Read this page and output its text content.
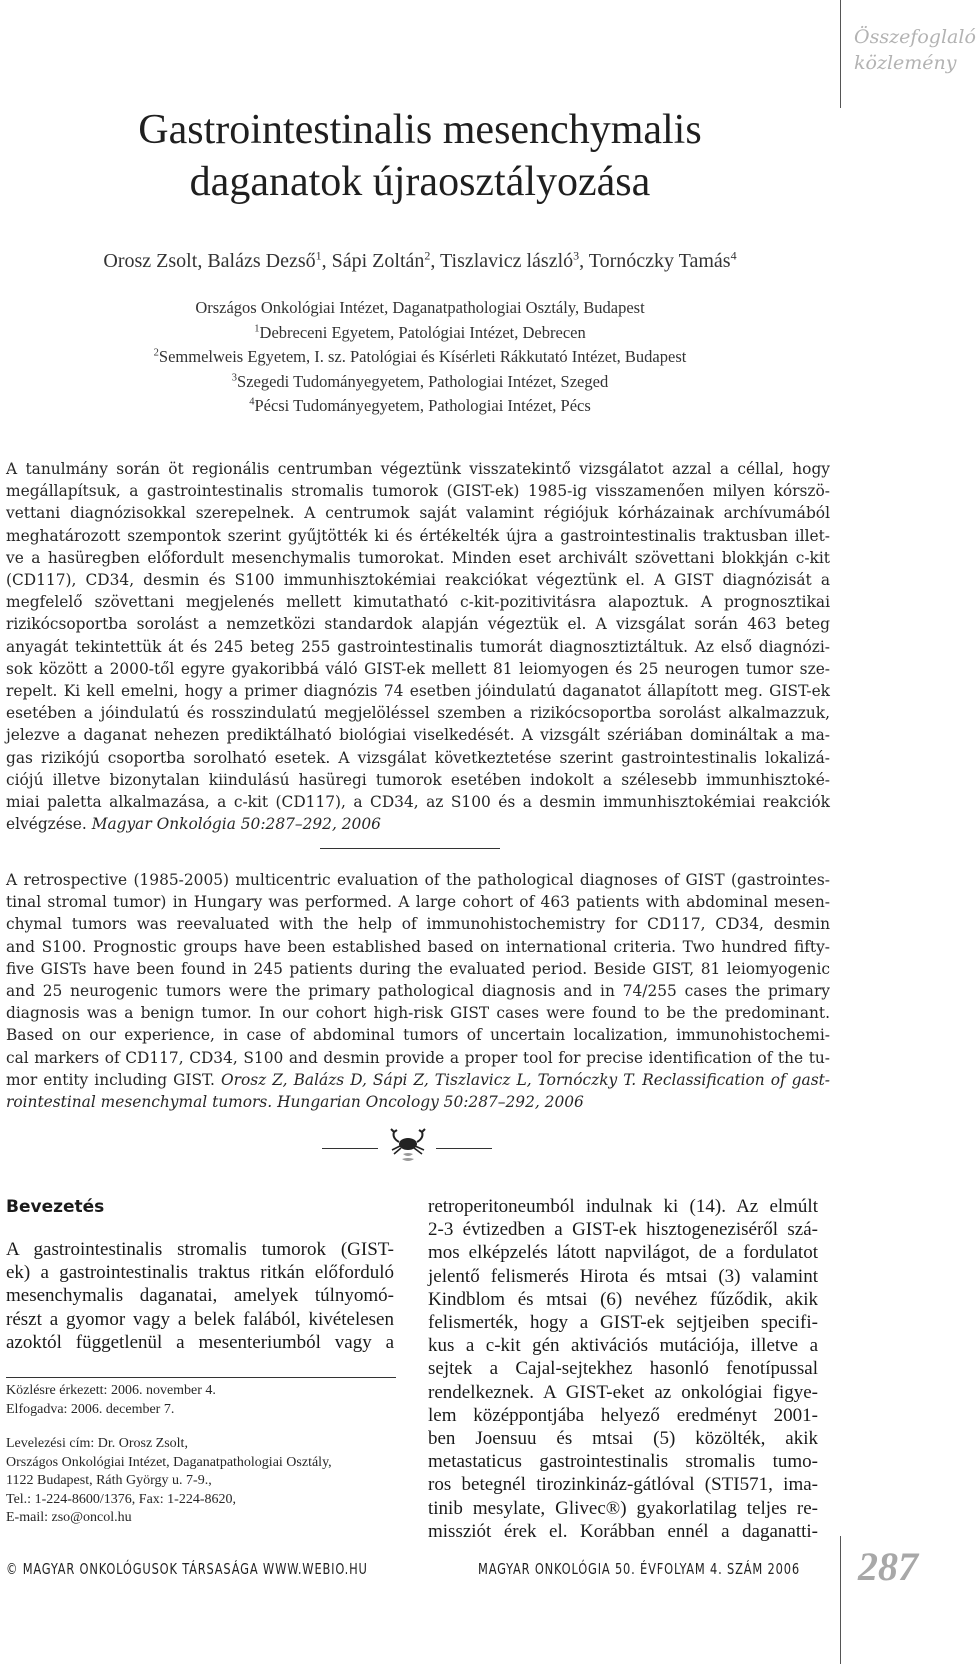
Összefoglaló
közlemény
Gastrointestinalis mesenchymalis
daganatok újraosztályozása
Orosz Zsolt, Balázs Dezső$^1$, Sápi Zoltán$^2$, Tiszlavicz lászló$^3$, Tornóczky Tamás$^4$
Országos Onkológiai Intézet, Daganatpathologiai Osztály, Budapest
$^1$Debreceni Egyetem, Patológiai Intézet, Debrecen
$^2$Semmelweis Egyetem, I. sz. Patológiai és Kísérleti Rákkutató Intézet, Budapest
$^3$Szegedi Tudományegyetem, Pathologiai Intézet, Szeged
$^4$Pécsi Tudományegyetem, Pathologiai Intézet, Pécs
A tanulmány során öt regionális centrumban végeztünk visszatekintő vizsgálatot azzal a céllal, hogy
megállapítsuk, a gastrointestinalis stromalis tumorok (GIST-ek) 1985-ig visszamenően milyen kórszö-
vettani diagnózisokkal szerepelnek. A centrumok saját valamint régiójuk kórházainak archívumából
meghatározott szempontok szerint gyűjtötték ki és értékelték újra a gastrointestinalis traktusban illet-
ve a hasüregben előfordult mesenchymalis tumorokat. Minden eset archivált szövettani blokkján c-kit
(CD117), CD34, desmin és S100 immunhisztokémiai reakciókat végeztünk el. A GIST diagnózisát a
megfelelő szövettani megjelenés mellett kimutatható c-kit-pozitivitásra alapoztuk. A prognosztikai
rizikócsoportba sorolást a nemzetközi standardok alapján végeztük el. A vizsgálat során 463 beteg
anyagát tekintettük át és 245 beteg 255 gastrointestinalis tumorát diagnosztiztáltuk. Az első diagnózi-
sok között a 2000-től egyre gyakoribbá váló GIST-ek mellett 81 leiomyogen és 25 neurogen tumor sze-
repelt. Ki kell emelni, hogy a primer diagnózis 74 esetben jóindulatú daganatot állapított meg. GIST-ek
esetében a jóindulatú és rosszindulatú megjelöléssel szemben a rizikócsoportba sorolást alkalmazzuk,
jelezve a daganat nehezen prediktálható biológiai viselkedését. A vizsgált szériában domináltak a ma-
gas rizikójú csoportba sorolható esetek. A vizsgálat következtetése szerint gastrointestinalis lokalizá-
ciójú illetve bizonytalan kiindulású hasüregi tumorok esetében indokolt a szélesebb immunhisztoké-
miai paletta alkalmazása, a c-kit (CD117), a CD34, az S100 és a desmin immunhisztokémiai reakciók
elvégzése. Magyar Onkológia 50:287–292, 2006
A retrospective (1985-2005) multicentric evaluation of the pathological diagnoses of GIST (gastrointes-
tinal stromal tumor) in Hungary was performed. A large cohort of 463 patients with abdominal mesen-
chymal tumors was reevaluated with the help of immunohistochemistry for CD117, CD34, desmin
and S100. Prognostic groups have been established based on international criteria. Two hundred fifty-
five GISTs have been found in 245 patients during the evaluated period. Beside GIST, 81 leiomyogenic
and 25 neurogenic tumors were the primary pathological diagnosis and in 74/255 cases the primary
diagnosis was a benign tumor. In our cohort high-risk GIST cases were found to be the predominant.
Based on our experience, in case of abdominal tumors of uncertain localization, immunohistochemi-
cal markers of CD117, CD34, S100 and desmin provide a proper tool for precise identification of the tu-
mor entity including GIST. Orosz Z, Balázs D, Sápi Z, Tiszlavicz L, Tornóczky T. Reclassification of gast-
rointestinal mesenchymal tumors. Hungarian Oncology 50:287–292, 2006
Bevezetés
A gastrointestinalis stromalis tumorok (GIST-
ek) a gastrointestinalis traktus ritkán előforduló
mesenchymalis daganatai, amelyek túlnyomó-
részt a gyomor vagy a belek falából, kivételesen
azoktól függetlenül a mesenteriumból vagy a
Közlésre érkezett: 2006. november 4.
Elfogadva: 2006. december 7.
Levelezési cím: Dr. Orosz Zsolt,
Országos Onkológiai Intézet, Daganatpathologiai Osztály,
1122 Budapest, Ráth György u. 7-9.,
Tel.: 1-224-8600/1376, Fax: 1-224-8620,
E-mail: zso@oncol.hu
retroperitoneumból indulnak ki (14). Az elmúlt
2-3 évtizedben a GIST-ek hisztogeneziséről szá-
mos elképzelés látott napvilágot, de a fordulatot
jelentő felismerés Hirota és mtsai (3) valamint
Kindblom és mtsai (6) nevéhez fűződik, akik
felismerték, hogy a GIST-ek sejtjeiben specifi-
kus a c-kit gén aktivációs mutációja, illetve a
sejtek a Cajal-sejtekhez hasonló fenotípussal
rendelkeznek. A GIST-eket az onkológiai figye-
lem középpontjába helyező eredményt 2001-
ben Joensuu és mtsai (5) közölték, akik
metastaticus gastrointestinalis stromalis tumo-
ros betegnél tirozinkináz-gátlóval (STI571, ima-
tinib mesylate, Glivec®) gyakorlatilag teljes re-
missziót érek el. Korábban ennél a daganatti-
© MAGYAR ONKOLÓGUSOK TÁRSASÁGA WWW.WEBIO.HU	MAGYAR ONKOLÓGIA 50. ÉVFOLYAM 4. SZÁM 2006 287
